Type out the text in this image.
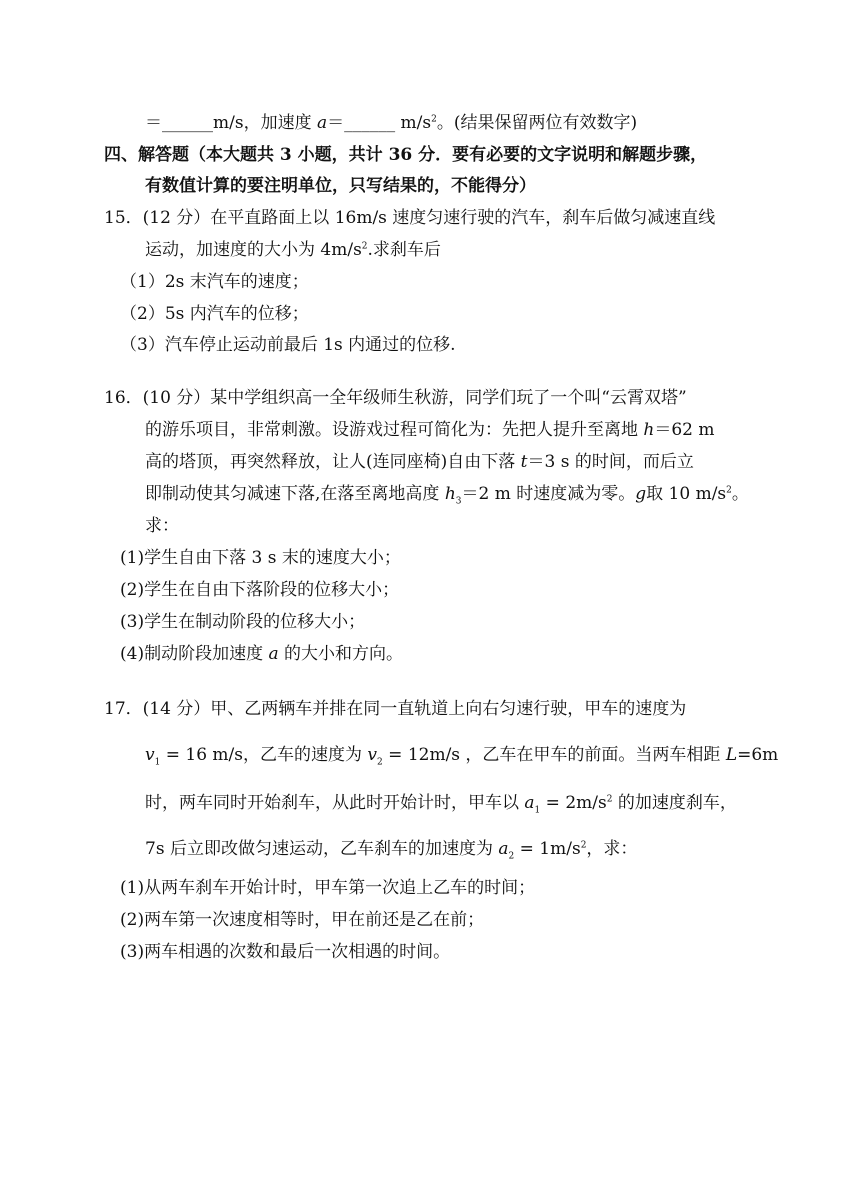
＝______m/s，加速度 a＝______ $m/s^2$。(结果保留两位有效数字)
四、解答题（本大题共 3 小题，共计 36 分．要有必要的文字说明和解题步骤，
有数值计算的要注明单位，只写结果的，不能得分）
15．(12 分）在平直路面上以 16m/s 速度匀速行驶的汽车，刹车后做匀减速直线
运动，加速度的大小为 $4m/s^2$.求刹车后
（1）2s 末汽车的速度；
（2）5s 内汽车的位移；
（3）汽车停止运动前最后 1s 内通过的位移.
16．(10 分）某中学组织高一全年级师生秋游，同学们玩了一个叫“云霄双塔”
的游乐项目，非常刺激。设游戏过程可简化为：先把人提升至离地 h＝62 m
高的塔顶，再突然释放，让人(连同座椅)自由下落 t＝3 s 的时间，而后立
即制动使其匀减速下落,在落至离地高度 $h_3=2$ m 时速度减为零。g取 10 $m/s^2$。
求：
(1)学生自由下落 3 s 末的速度大小；
(2)学生在自由下落阶段的位移大小；
(3)学生在制动阶段的位移大小；
(4)制动阶段加速度 a 的大小和方向。
17．(14 分）甲、乙两辆车并排在同一直轨道上向右匀速行驶，甲车的速度为
$v_1 = 16$ m/s，乙车的速度为 $v_2 = 12m/s$ ，乙车在甲车的前面。当两车相距 L=6m
时，两车同时开始刹车，从此时开始计时，甲车以 $a_1 = 2m/s^2$ 的加速度刹车，
7s 后立即改做匀速运动，乙车刹车的加速度为 $a_2 = 1m/s^2$，求：
(1)从两车刹车开始计时，甲车第一次追上乙车的时间；
(2)两车第一次速度相等时，甲在前还是乙在前；
(3)两车相遇的次数和最后一次相遇的时间。
